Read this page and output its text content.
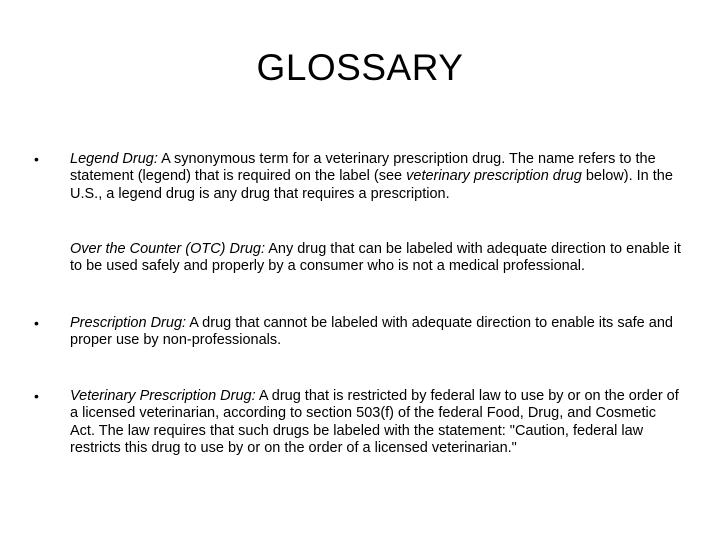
GLOSSARY
• Legend Drug: A synonymous term for a veterinary prescription drug. The name refers to the statement (legend) that is required on the label (see veterinary prescription drug below). In the U.S., a legend drug is any drug that requires a prescription.

Over the Counter (OTC) Drug: Any drug that can be labeled with adequate direction to enable it to be used safely and properly by a consumer who is not a medical professional.

• Prescription Drug: A drug that cannot be labeled with adequate direction to enable its safe and proper use by non-professionals.

• Veterinary Prescription Drug: A drug that is restricted by federal law to use by or on the order of a licensed veterinarian, according to section 503(f) of the federal Food, Drug, and Cosmetic Act. The law requires that such drugs be labeled with the statement: "Caution, federal law restricts this drug to use by or on the order of a licensed veterinarian."
